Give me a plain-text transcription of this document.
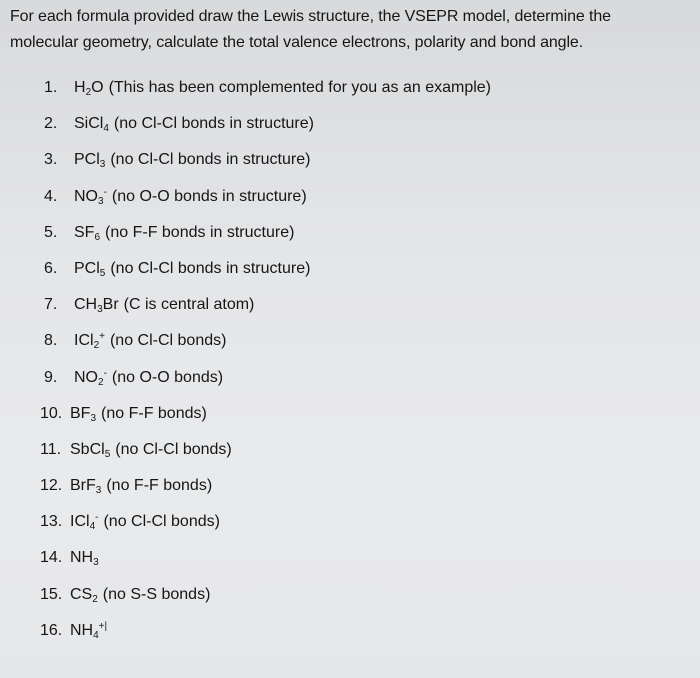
For each formula provided draw the Lewis structure, the VSEPR model, determine the
molecular geometry, calculate the total valence electrons, polarity and bond angle.
1. $H_2O$ (This has been complemented for you as an example)
2. SiCl$_4$ (no Cl-Cl bonds in structure)
3. PCl$_3$ (no Cl-Cl bonds in structure)
4. $NO_3^-$ (no O-O bonds in structure)
5. $SF_6$ (no F-F bonds in structure)
6. PCl$_5$ (no Cl-Cl bonds in structure)
7. $CH_3Br$ (C is central atom)
8. ICl$_2$+ (no Cl-Cl bonds)
9. $NO_2^-$ (no O-O bonds)
10. $BF_3$ (no F-F bonds)
11. SbCl$_5$ (no Cl-Cl bonds)
12. BrF$_3$ (no F-F bonds)
13. ICl$_4$- (no Cl-Cl bonds)
14. $NH_3$
15. $CS_2$ (no S-S bonds)
16. $NH_4^{+|}$
